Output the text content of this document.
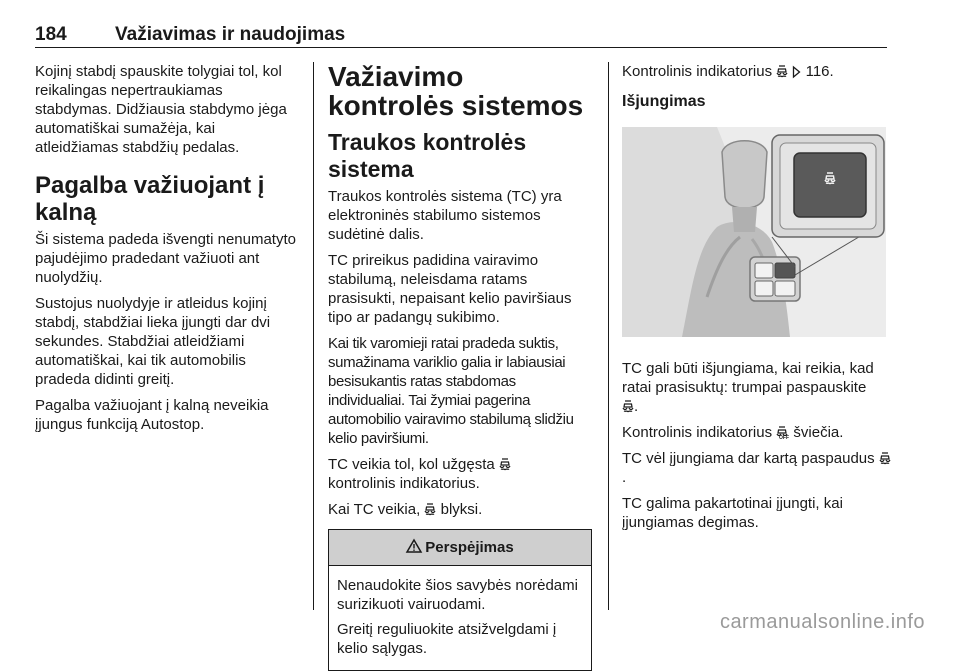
184	Važiavimas ir naudojimas

Kojinį stabdį spauskite tolygiai tol, kol reikalingas nepertraukiamas stabdymas. Didžiausia stabdymo jėga automatiškai sumažėja, kai atleidžiamas stabdžių pedalas.

Pagalba važiuojant į kalną

Ši sistema padeda išvengti nenumatyto pajudėjimo pradedant važiuoti ant nuolydžių.

Sustojus nuolydyje ir atleidus kojinį stabdį, stabdžiai lieka įjungti dar dvi sekundes. Stabdžiai atleidžiami automatiškai, kai tik automobilis pradeda didinti greitį.

Pagalba važiuojant į kalną neveikia įjungus funkciją Autostop.

Važiavimo kontrolės sistemos
Traukos kontrolės sistema

Traukos kontrolės sistema (TC) yra elektroninės stabilumo sistemos sudėtinė dalis.

TC prireikus padidina vairavimo stabilumą, neleisdama ratams prasisukti, nepaisant kelio paviršiaus tipo ar padangų sukibimo.

Kai tik varomieji ratai pradeda suktis, sumažinama variklio galia ir labiausiai besisukantis ratas stabdomas individualiai. Tai žymiai pagerina automobilio vairavimo stabilumą slidžiu kelio paviršiumi.

TC veikia tol, kol užgęsta

kontrolinis indikatorius.

Kai TC veikia, blyksi.

Perspėjimas

Nenaudokite šios savybės norėdami surizikuoti vairuodami.

Greitį reguliuokite atsižvelgdami į kelio sąlygas.

Kontrolinis indikatorius
116.

Išjungimas

TC gali būti išjungiama, kai reikia, kad ratai prasisuktų: trumpai paspauskite

.

Kontrolinis indikatorius OFF šviečia.

TC vėl įjungiama dar kartą paspaudus
.

TC galima pakartotinai įjungti, kai įjungiamas degimas.

carmanualsonline.info
